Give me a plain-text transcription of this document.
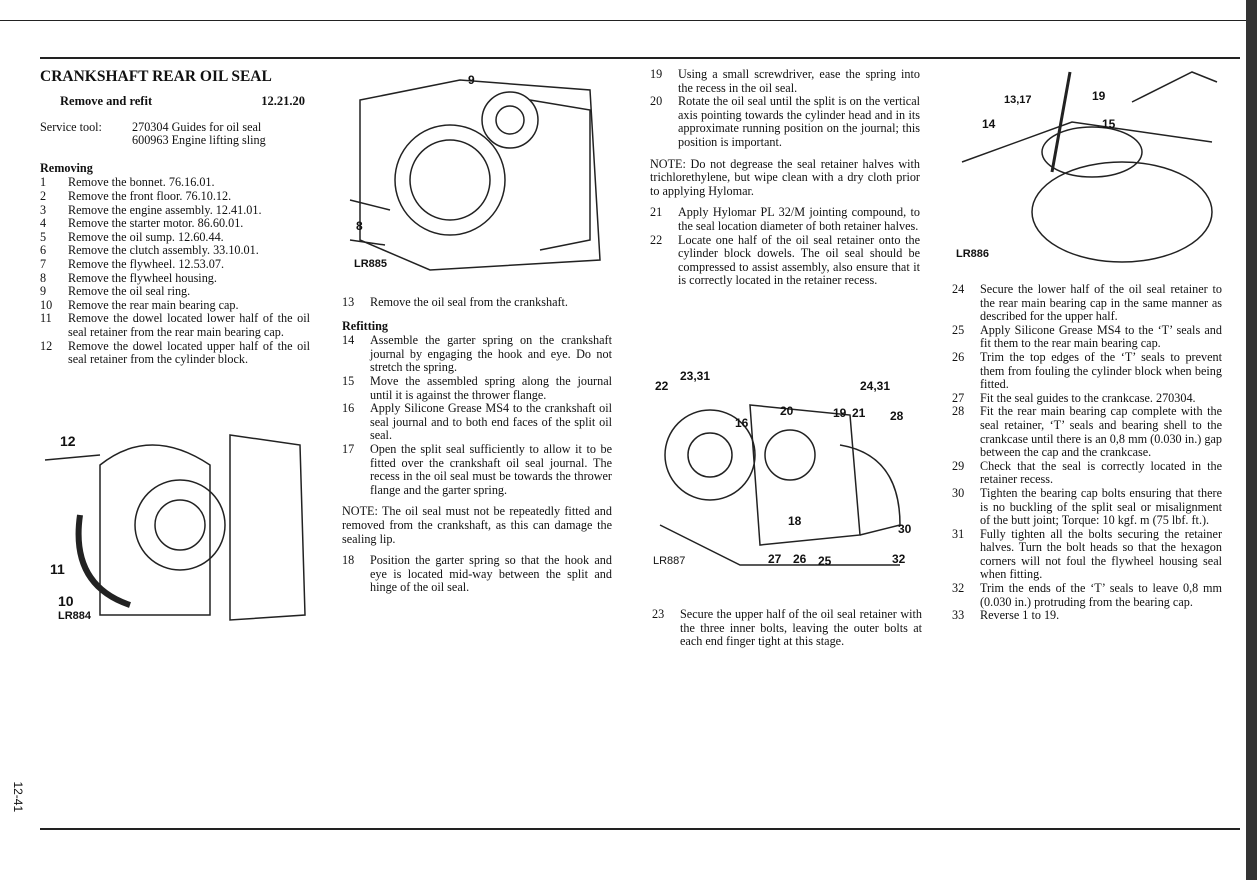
12-41
CRANKSHAFT REAR OIL SEAL
Remove and refit	12.21.20
Service tool:	270304 Guides for oil seal
600963 Engine lifting sling
Removing
1	Remove the bonnet. 76.16.01.
2	Remove the front floor. 76.10.12.
3	Remove the engine assembly. 12.41.01.
4	Remove the starter motor. 86.60.01.
5	Remove the oil sump. 12.60.44.
6	Remove the clutch assembly. 33.10.01.
7	Remove the flywheel. 12.53.07.
8	Remove the flywheel housing.
9	Remove the oil seal ring.
10	Remove the rear main bearing cap.
11	Remove the dowel located lower half of the oil seal retainer from the rear main bearing cap.
12	Remove the dowel located upper half of the oil seal retainer from the cylinder block.
13	Remove the oil seal from the crankshaft.
Refitting
14	Assemble the garter spring on the crankshaft journal by engaging the hook and eye. Do not stretch the spring.
15	Move the assembled spring along the journal until it is against the thrower flange.
16	Apply Silicone Grease MS4 to the crankshaft oil seal journal and to both end faces of the split oil seal.
17	Open the split seal sufficiently to allow it to be fitted over the crankshaft oil seal journal. The recess in the oil seal must be towards the thrower flange and the garter spring.

NOTE: The oil seal must not be repeatedly fitted and removed from the crankshaft, as this can damage the sealing lip.

18	Position the garter spring so that the hook and eye is located mid-way between the split and hinge of the oil seal.
19	Using a small screwdriver, ease the spring into the recess in the oil seal.
20	Rotate the oil seal until the split is on the vertical axis pointing towards the cylinder head and in its approximate running position on the journal; this position is important.

NOTE: Do not degrease the seal retainer halves with trichlorethylene, but wipe clean with a dry cloth prior to applying Hylomar.

21	Apply Hylomar PL 32/M jointing compound, to the seal location diameter of both retainer halves.
22	Locate one half of the oil seal retainer onto the cylinder block dowels. The oil seal should be compressed to assist assembly, also ensure that it is correctly located in the retainer recess.
23	Secure the upper half of the oil seal retainer with the three inner bolts, leaving the outer bolts at each end finger tight at this stage.
24	Secure the lower half of the oil seal retainer to the rear main bearing cap in the same manner as described for the upper half.
25	Apply Silicone Grease MS4 to the ‘T’ seals and fit them to the rear main bearing cap.
26	Trim the top edges of the ‘T’ seals to prevent them from fouling the cylinder block when being fitted.
27	Fit the seal guides to the crankcase. 270304.
28	Fit the rear main bearing cap complete with the seal retainer, ‘T’ seals and bearing shell to the crankcase until there is an 0,8 mm (0.030 in.) gap between the cap and the crankcase.
29	Check that the seal is correctly located in the retainer recess.
30	Tighten the bearing cap bolts ensuring that there is no buckling of the split seal or misalignment of the butt joint; Torque: 10 kgf. m (75 lbf. ft.).
31	Fully tighten all the bolts securing the retainer halves. Turn the bolt heads so that the hexagon corners will not foul the flywheel housing seal when fitting.
32	Trim the ends of the ‘T’ seals to leave 0,8 mm (0.030 in.) protruding from the bearing cap.
33	Reverse 1 to 19.
9
8
LR885
12
11
10
LR884
22
23,31
24,31
20
16
19 21 28
18
30
27 26 25	32
LR887
13,17	19
14	15
LR886
